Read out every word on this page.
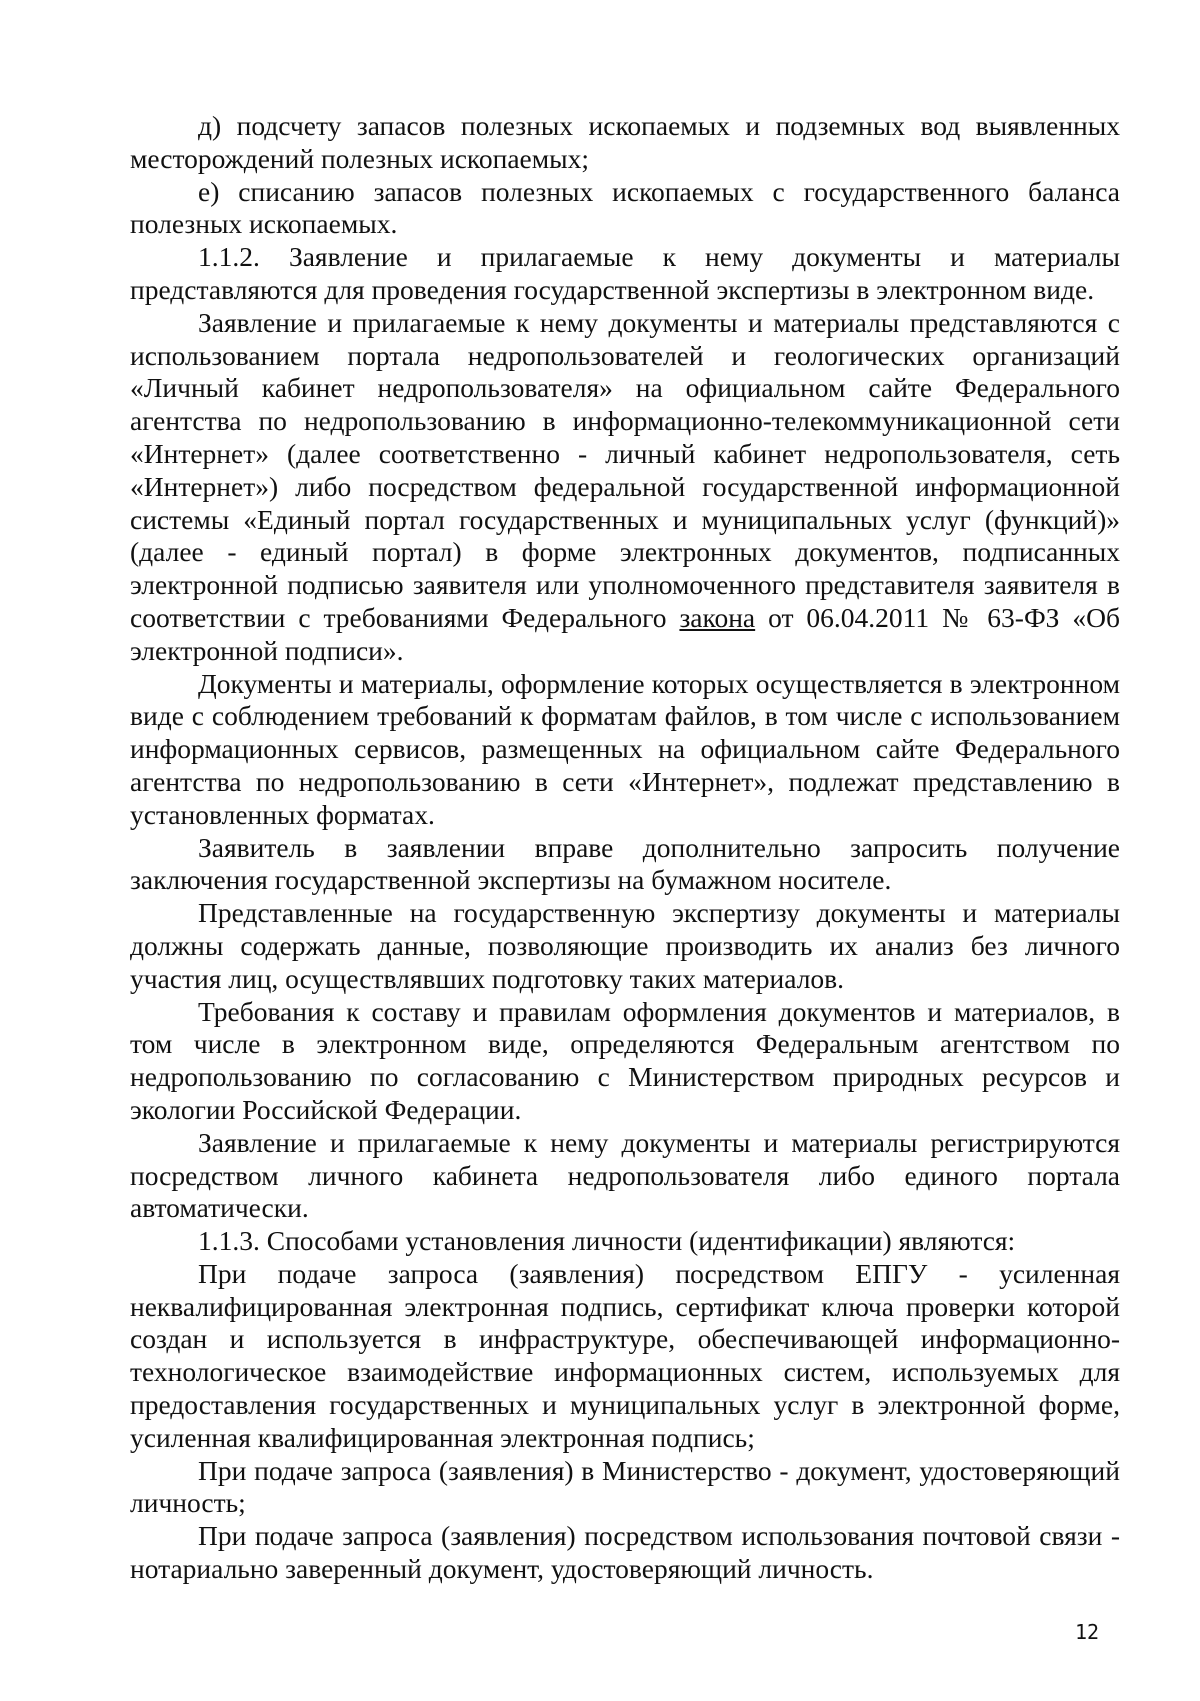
д) подсчету запасов полезных ископаемых и подземных вод выявленных месторождений полезных ископаемых;

е) списанию запасов полезных ископаемых с государственного баланса полезных ископаемых.

1.1.2. Заявление и прилагаемые к нему документы и материалы представляются для проведения государственной экспертизы в электронном виде.

Заявление и прилагаемые к нему документы и материалы представляются с использованием портала недропользователей и геологических организаций «Личный кабинет недропользователя» на официальном сайте Федерального агентства по недропользованию в информационно-телекоммуникационной сети «Интернет» (далее соответственно - личный кабинет недропользователя, сеть «Интернет») либо посредством федеральной государственной информационной системы «Единый портал государственных и муниципальных услуг (функций)» (далее - единый портал) в форме электронных документов, подписанных электронной подписью заявителя или уполномоченного представителя заявителя в соответствии с требованиями Федерального закона от 06.04.2011 № 63-ФЗ «Об электронной подписи».

Документы и материалы, оформление которых осуществляется в электронном виде с соблюдением требований к форматам файлов, в том числе с использованием информационных сервисов, размещенных на официальном сайте Федерального агентства по недропользованию в сети «Интернет», подлежат представлению в установленных форматах.

Заявитель в заявлении вправе дополнительно запросить получение заключения государственной экспертизы на бумажном носителе.

Представленные на государственную экспертизу документы и материалы должны содержать данные, позволяющие производить их анализ без личного участия лиц, осуществлявших подготовку таких материалов.

Требования к составу и правилам оформления документов и материалов, в том числе в электронном виде, определяются Федеральным агентством по недропользованию по согласованию с Министерством природных ресурсов и экологии Российской Федерации.

Заявление и прилагаемые к нему документы и материалы регистрируются посредством личного кабинета недропользователя либо единого портала автоматически.

1.1.3. Способами установления личности (идентификации) являются:

При подаче запроса (заявления) посредством ЕПГУ - усиленная неквалифицированная электронная подпись, сертификат ключа проверки которой создан и используется в инфраструктуре, обеспечивающей информационно-технологическое взаимодействие информационных систем, используемых для предоставления государственных и муниципальных услуг в электронной форме, усиленная квалифицированная электронная подпись;

При подаче запроса (заявления) в Министерство - документ, удостоверяющий личность;

При подаче запроса (заявления) посредством использования почтовой связи - нотариально заверенный документ, удостоверяющий личность.

12
